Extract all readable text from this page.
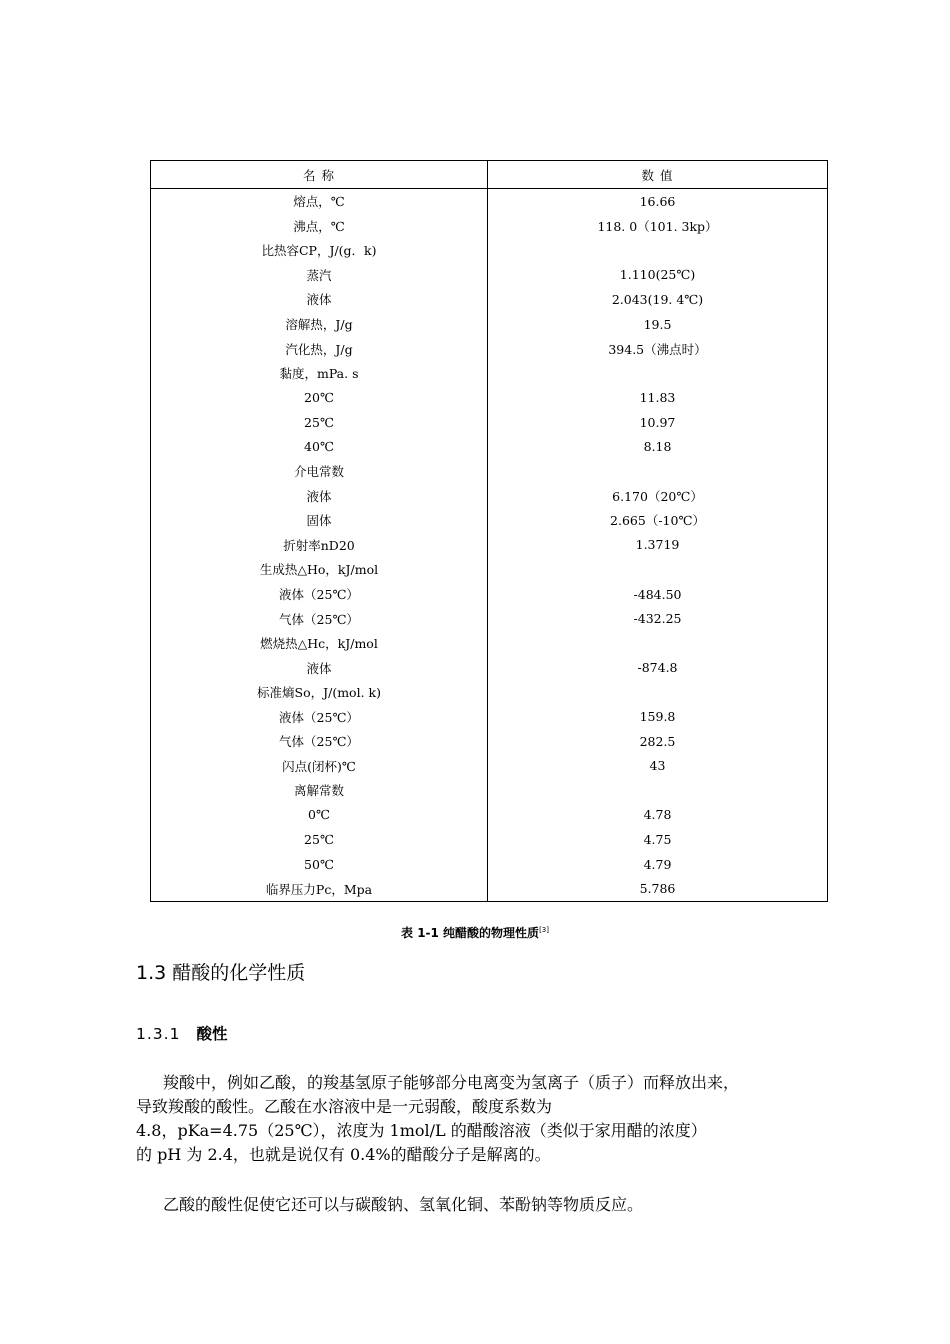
名 称	数 值
熔点，℃	16.66
沸点，℃	118. 0（101. 3kp）
比热容CP，J/(g．k)	
蒸汽	1.110(25℃)
液体	2.043(19. 4℃)
溶解热，J/g	19.5
汽化热，J/g	394.5（沸点时）
黏度，mPa. s	
20℃	11.83
25℃	10.97
40℃	8.18
介电常数	
液体	6.170（20℃）
固体	2.665（-10℃）
折射率nD20	1.3719
生成热△Ho，kJ/mol	
液体（25℃）	-484.50
气体（25℃）	-432.25
燃烧热△Hc，kJ/mol	
液体	-874.8
标准熵So，J/(mol. k)	
液体（25℃）	159.8
气体（25℃）	282.5
闪点(闭杯)℃	43
离解常数	
0℃	4.78
25℃	4.75
50℃	4.79
临界压力Pc，Mpa	5.786
表 1-1 纯醋酸的物理性质[3]
1.3 醋酸的化学性质
1.3.1 酸性
羧酸中，例如乙酸，的羧基氢原子能够部分电离变为氢离子（质子）而释放出来，
导致羧酸的酸性。乙酸在水溶液中是一元弱酸，酸度系数为
4.8，pKa=4.75（25℃），浓度为 1mol/L 的醋酸溶液（类似于家用醋的浓度）
的 pH 为 2.4，也就是说仅有 0.4%的醋酸分子是解离的。
乙酸的酸性促使它还可以与碳酸钠、氢氧化铜、苯酚钠等物质反应。
